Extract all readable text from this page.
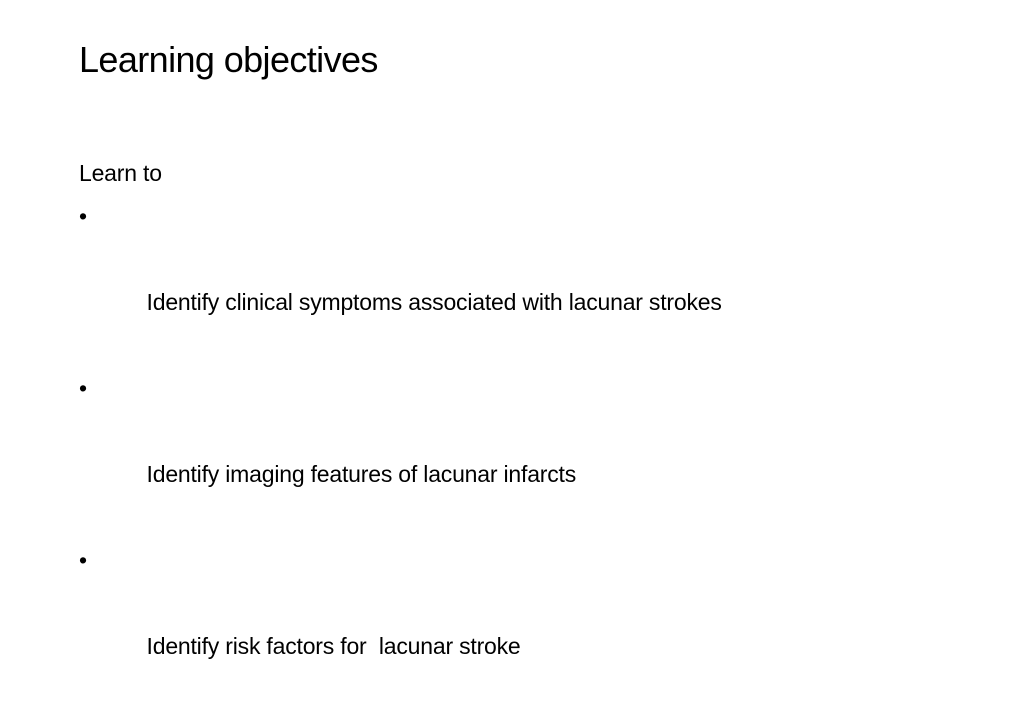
Learning objectives
Learn to

•

Identify clinical symptoms associated with lacunar strokes

•

Identify imaging features of lacunar infarcts

•

Identify risk factors for  lacunar stroke
